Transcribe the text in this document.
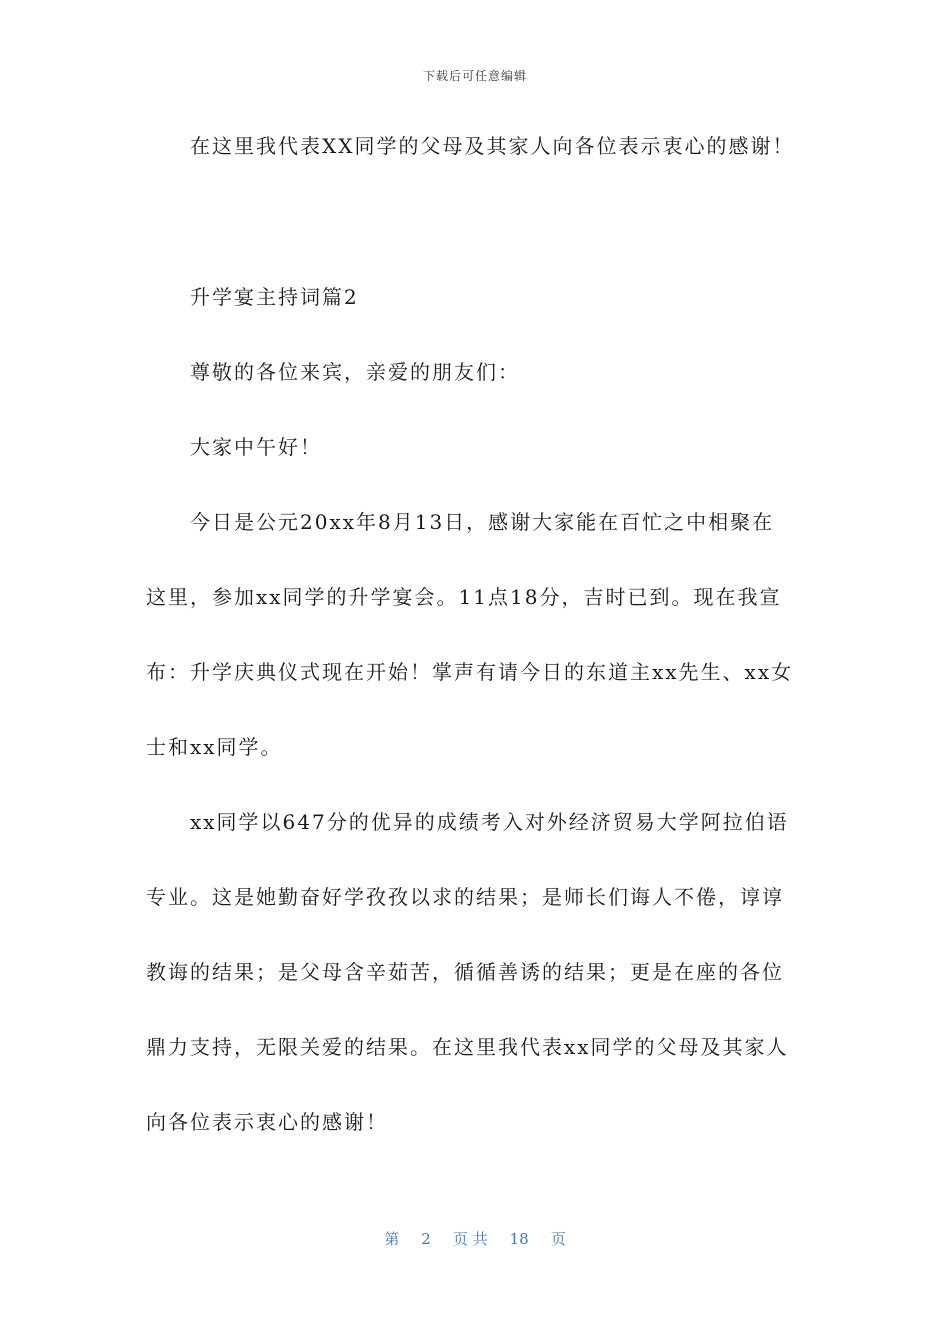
下载后可任意编辑
在这里我代表XX同学的父母及其家人向各位表示衷心的感谢！
升学宴主持词篇2
尊敬的各位来宾，亲爱的朋友们：
大家中午好！
今日是公元20xx年8月13日，感谢大家能在百忙之中相聚在
这里，参加xx同学的升学宴会。11点18分，吉时已到。现在我宣
布：升学庆典仪式现在开始！掌声有请今日的东道主xx先生、xx女
士和xx同学。
xx同学以647分的优异的成绩考入对外经济贸易大学阿拉伯语
专业。这是她勤奋好学孜孜以求的结果；是师长们诲人不倦，谆谆
教诲的结果；是父母含辛茹苦，循循善诱的结果；更是在座的各位
鼎力支持，无限关爱的结果。在这里我代表xx同学的父母及其家人
向各位表示衷心的感谢！
第 2 页 共 18 页
